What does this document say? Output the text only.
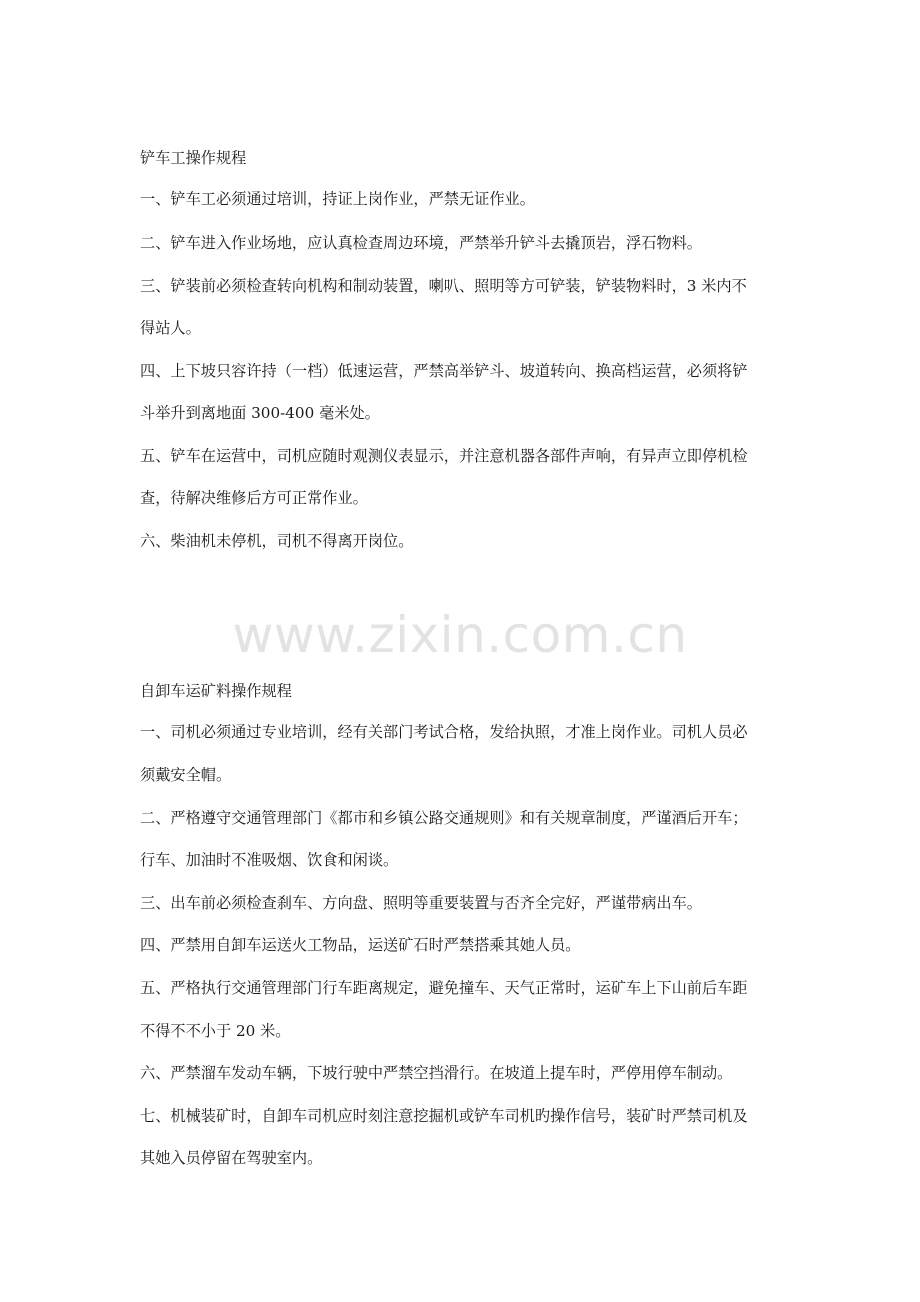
铲车工操作规程
一、铲车工必须通过培训，持证上岗作业，严禁无证作业。
二、铲车进入作业场地，应认真检查周边环境，严禁举升铲斗去撬顶岩，浮石物料。
三、铲装前必须检查转向机构和制动装置，喇叭、照明等方可铲装，铲装物料时，3 米内不
得站人。
四、上下坡只容许持（一档）低速运营，严禁高举铲斗、坡道转向、换高档运营，必须将铲
斗举升到离地面 300-400 毫米处。
五、铲车在运营中，司机应随时观测仪表显示，并注意机器各部件声响，有异声立即停机检
查，待解决维修后方可正常作业。
六、柴油机未停机，司机不得离开岗位。
www.zixin.com.cn
自卸车运矿料操作规程
一、司机必须通过专业培训，经有关部门考试合格，发给执照，才准上岗作业。司机人员必
须戴安全帽。
二、严格遵守交通管理部门《都市和乡镇公路交通规则》和有关规章制度，严谨酒后开车；
行车、加油时不准吸烟、饮食和闲谈。
三、出车前必须检查刹车、方向盘、照明等重要装置与否齐全完好，严谨带病出车。
四、严禁用自卸车运送火工物品，运送矿石时严禁搭乘其她人员。
五、严格执行交通管理部门行车距离规定，避免撞车、天气正常时，运矿车上下山前后车距
不得不不小于 20 米。
六、严禁溜车发动车辆，下坡行驶中严禁空挡滑行。在坡道上提车时，严停用停车制动。
七、机械装矿时，自卸车司机应时刻注意挖掘机或铲车司机旳操作信号，装矿时严禁司机及
其她入员停留在驾驶室内。
